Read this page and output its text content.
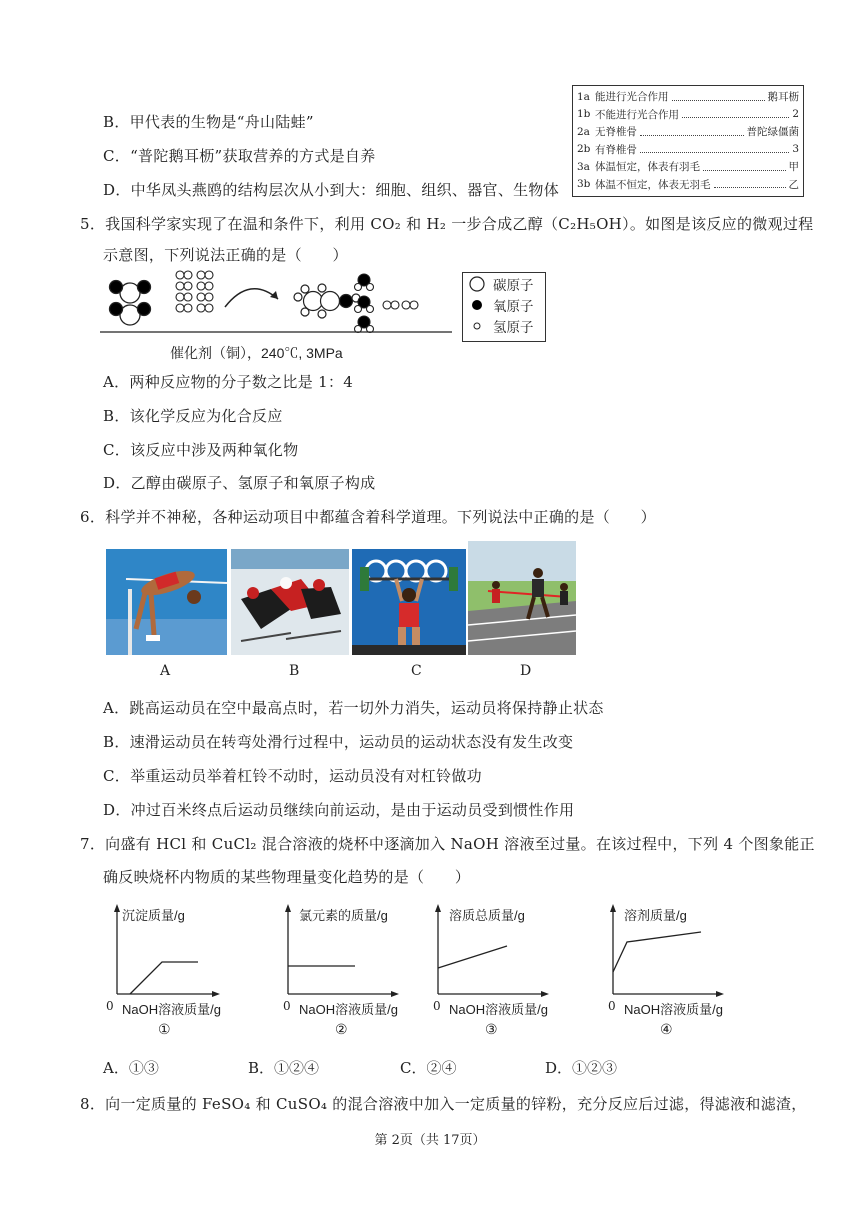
B．甲代表的生物是“舟山陆蛙”
C．“普陀鹅耳枥”获取营养的方式是自养
D．中华凤头燕鸥的结构层次从小到大：细胞、组织、器官、生物体
1a 能进行光合作用	鹅耳枥
1b 不能进行光合作用	2
2a 无脊椎骨	普陀绿僵菌
2b 有脊椎骨	3
3a 体温恒定，体表有羽毛	甲
3b 体温不恒定，体表无羽毛	乙
5．我国科学家实现了在温和条件下，利用 CO₂ 和 H₂ 一步合成乙醇（C₂H₅OH）。如图是该反应的微观过程
示意图，下列说法正确的是（　　）
催化剂（铜），240℃, 3MPa
碳原子
氧原子
氢原子
A．两种反应物的分子数之比是 1：4
B．该化学反应为化合反应
C．该反应中涉及两种氧化物
D．乙醇由碳原子、氢原子和氧原子构成
6．科学并不神秘，各种运动项目中都蕴含着科学道理。下列说法中正确的是（　　）
A	B	C	D
A．跳高运动员在空中最高点时，若一切外力消失，运动员将保持静止状态
B．速滑运动员在转弯处滑行过程中，运动员的运动状态没有发生改变
C．举重运动员举着杠铃不动时，运动员没有对杠铃做功
D．冲过百米终点后运动员继续向前运动，是由于运动员受到惯性作用
7．向盛有 HCl 和 CuCl₂ 混合溶液的烧杯中逐滴加入 NaOH 溶液至过量。在该过程中，下列 4 个图象能正
确反映烧杯内物质的某些物理量变化趋势的是（　　）
沉淀质量/g
0 NaOH溶液质量/g
①
氯元素的质量/g
0 NaOH溶液质量/g
②
溶质总质量/g
0 NaOH溶液质量/g
③
溶剂质量/g
0 NaOH溶液质量/g
④
A．①③	B．①②④	C．②④	D．①②③
8．向一定质量的 FeSO₄ 和 CuSO₄ 的混合溶液中加入一定质量的锌粉，充分反应后过滤，得滤液和滤渣，
第 2页（共 17页）
